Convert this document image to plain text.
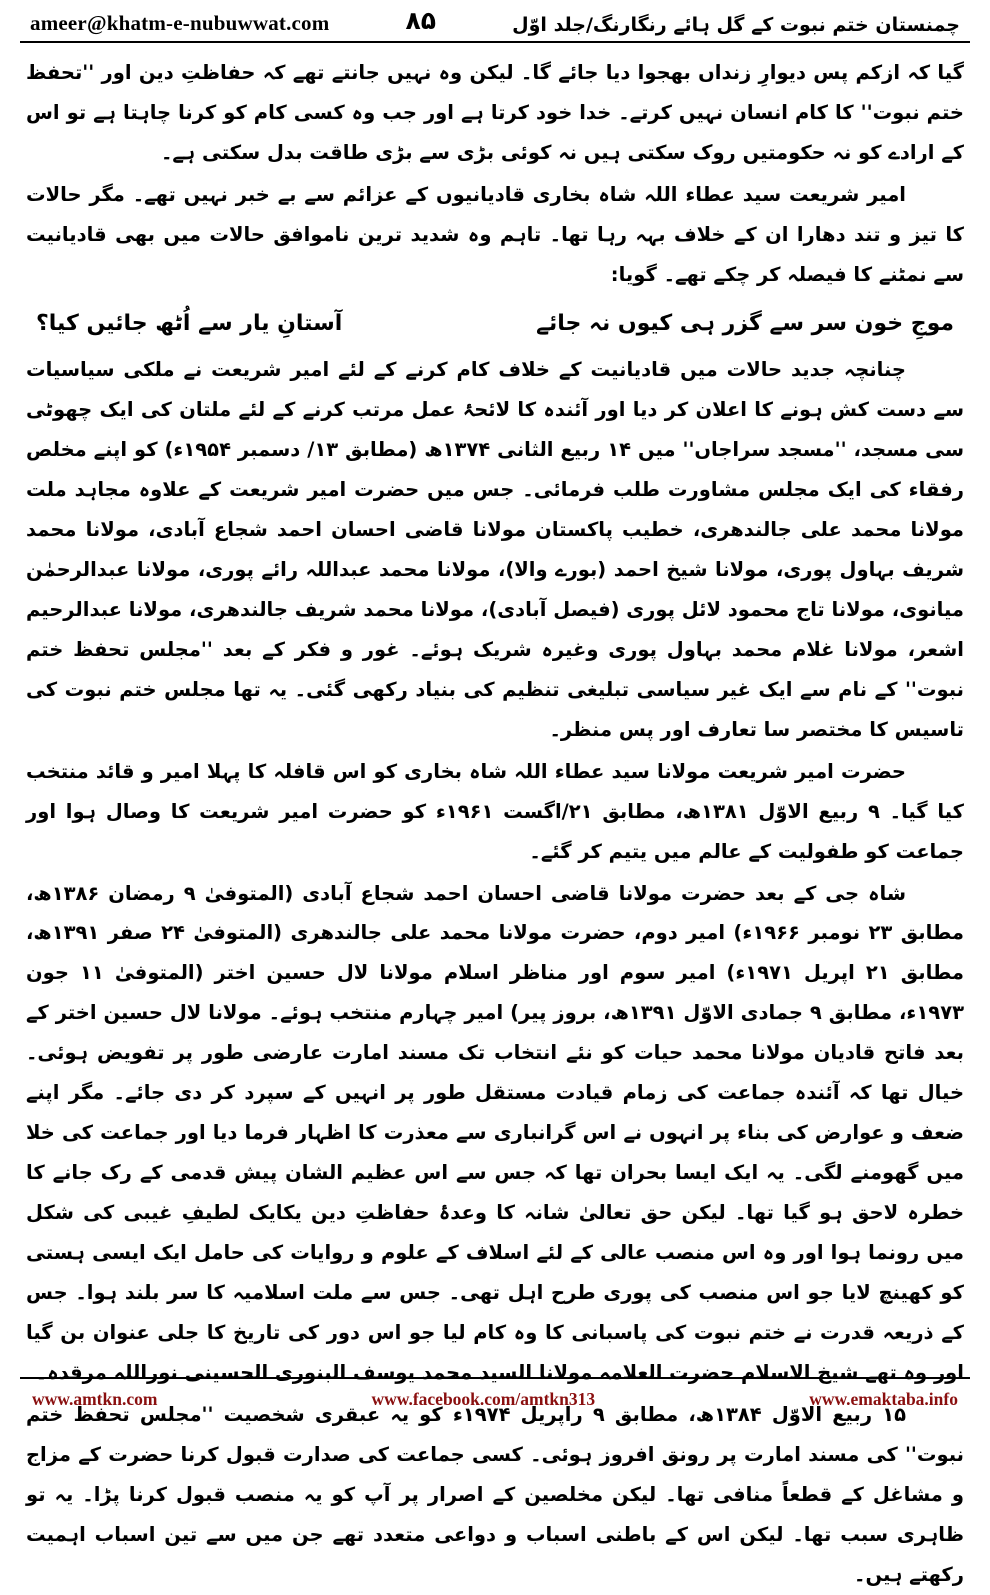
ameer@khatm-e-nubuwwat.com	۸۵	چمنستان ختم نبوت کے گل ہائے رنگارنگ/جلد اوّل

گیا کہ ازکم پس دیوارِ زنداں بھجوا دیا جائے گا۔ لیکن وہ نہیں جانتے تھے کہ حفاظتِ دین اور ''تحفظ ختم نبوت'' کا کام انسان نہیں کرتے۔ خدا خود کرتا ہے اور جب وہ کسی کام کو کرنا چاہتا ہے تو اس کے ارادے کو نہ حکومتیں روک سکتی ہیں نہ کوئی بڑی سے بڑی طاقت بدل سکتی ہے۔

امیر شریعت سید عطاء اللہ شاہ بخاری قادیانیوں کے عزائم سے بے خبر نہیں تھے۔ مگر حالات کا تیز و تند دھارا ان کے خلاف بہہ رہا تھا۔ تاہم وہ شدید ترین ناموافق حالات میں بھی قادیانیت سے نمٹنے کا فیصلہ کر چکے تھے۔ گویا:

موجِ خون سر سے گزر ہی کیوں نہ جائے
آستانِ یار سے اُٹھ جائیں کیا؟

چنانچہ جدید حالات میں قادیانیت کے خلاف کام کرنے کے لئے امیر شریعت نے ملکی سیاسیات سے دست کش ہونے کا اعلان کر دیا اور آئندہ کا لائحۂ عمل مرتب کرنے کے لئے ملتان کی ایک چھوٹی سی مسجد، ''مسجد سراجاں'' میں ۱۴ ربیع الثانی ۱۳۷۴ھ (مطابق ۱۳/ دسمبر ۱۹۵۴ء) کو اپنے مخلص رفقاء کی ایک مجلس مشاورت طلب فرمائی۔ جس میں حضرت امیر شریعت کے علاوہ مجاہد ملت مولانا محمد علی جالندھری، خطیب پاکستان مولانا قاضی احسان احمد شجاع آبادی، مولانا محمد شریف بہاول پوری، مولانا شیخ احمد (بورے والا)، مولانا محمد عبداللہ رائے پوری، مولانا عبدالرحمٰن میانوی، مولانا تاج محمود لائل پوری (فیصل آبادی)، مولانا محمد شریف جالندھری، مولانا عبدالرحیم اشعر، مولانا غلام محمد بہاول پوری وغیرہ شریک ہوئے۔ غور و فکر کے بعد ''مجلس تحفظ ختم نبوت'' کے نام سے ایک غیر سیاسی تبلیغی تنظیم کی بنیاد رکھی گئی۔ یہ تھا مجلس ختم نبوت کی تاسیس کا مختصر سا تعارف اور پس منظر۔

حضرت امیر شریعت مولانا سید عطاء اللہ شاہ بخاری کو اس قافلہ کا پہلا امیر و قائد منتخب کیا گیا۔ ۹ ربیع الاوّل ۱۳۸۱ھ، مطابق ۲۱/اگست ۱۹۶۱ء کو حضرت امیر شریعت کا وصال ہوا اور جماعت کو طفولیت کے عالم میں یتیم کر گئے۔

شاہ جی کے بعد حضرت مولانا قاضی احسان احمد شجاع آبادی (المتوفیٰ ۹ رمضان ۱۳۸۶ھ، مطابق ۲۳ نومبر ۱۹۶۶ء) امیر دوم، حضرت مولانا محمد علی جالندھری (المتوفیٰ ۲۴ صفر ۱۳۹۱ھ، مطابق ۲۱ اپریل ۱۹۷۱ء) امیر سوم اور مناظر اسلام مولانا لال حسین اختر (المتوفیٰ ۱۱ جون ۱۹۷۳ء، مطابق ۹ جمادی الاوّل ۱۳۹۱ھ، بروز پیر) امیر چہارم منتخب ہوئے۔ مولانا لال حسین اختر کے بعد فاتح قادیان مولانا محمد حیات کو نئے انتخاب تک مسند امارت عارضی طور پر تفویض ہوئی۔ خیال تھا کہ آئندہ جماعت کی زمام قیادت مستقل طور پر انہیں کے سپرد کر دی جائے۔ مگر اپنے ضعف و عوارض کی بناء پر انہوں نے اس گرانباری سے معذرت کا اظہار فرما دیا اور جماعت کی خلا میں گھومنے لگی۔ یہ ایک ایسا بحران تھا کہ جس سے اس عظیم الشان پیش قدمی کے رک جانے کا خطرہ لاحق ہو گیا تھا۔ لیکن حق تعالیٰ شانہ کا وعدۂ حفاظتِ دین یکایک لطیفِ غیبی کی شکل میں رونما ہوا اور وہ اس منصب عالی کے لئے اسلاف کے علوم و روایات کی حامل ایک ایسی ہستی کو کھینچ لایا جو اس منصب کی پوری طرح اہل تھی۔ جس سے ملت اسلامیہ کا سر بلند ہوا۔ جس کے ذریعہ قدرت نے ختم نبوت کی پاسبانی کا وہ کام لیا جو اس دور کی تاریخ کا جلی عنوان بن گیا اور وہ تھے شیخ الاسلام حضرت العلامہ مولانا السید محمد یوسف البنوری الحسینی نوراللہ مرقدہ۔

۱۵ ربیع الاوّل ۱۳۸۴ھ، مطابق ۹ راپریل ۱۹۷۴ء کو یہ عبقری شخصیت ''مجلس تحفظ ختم نبوت'' کی مسند امارت پر رونق افروز ہوئی۔ کسی جماعت کی صدارت قبول کرنا حضرت کے مزاج و مشاغل کے قطعاً منافی تھا۔ لیکن مخلصین کے اصرار پر آپ کو یہ منصب قبول کرنا پڑا۔ یہ تو ظاہری سبب تھا۔ لیکن اس کے باطنی اسباب و دواعی متعدد تھے جن میں سے تین اسباب اہمیت رکھتے ہیں۔

www.amtkn.com	www.facebook.com/amtkn313	www.emaktaba.info
